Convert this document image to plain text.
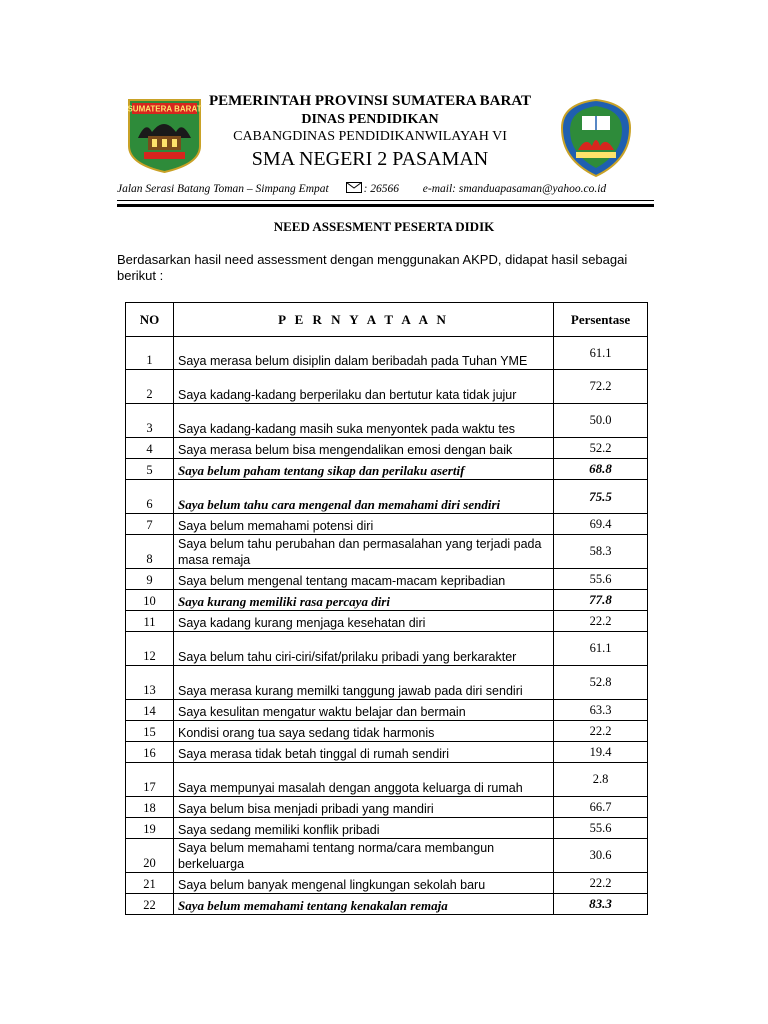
SUMATERA BARAT PEMERINTAH PROVINSI SUMATERA BARAT
DINAS PENDIDIKAN
CABANGDINAS PENDIDIKANWILAYAH VI
SMA NEGERI 2 PASAMAN
Jalan Serasi Batang Toman – Simpang Empat	: 26566 e-mail: smanduapasaman@yahoo.co.id
NEED ASSESMENT PESERTA DIDIK
Berdasarkan hasil need assessment dengan menggunakan AKPD, didapat hasil sebagai berikut :
NO	P E R N Y A T A A N	Persentase
1	Saya merasa belum disiplin dalam beribadah pada Tuhan YME	61.1
2	Saya kadang-kadang berperilaku dan bertutur kata tidak jujur	72.2
3	Saya kadang-kadang masih suka menyontek pada waktu tes	50.0
4	Saya merasa belum bisa mengendalikan emosi dengan baik	52.2
5	Saya belum paham tentang sikap dan perilaku asertif	68.8
6	Saya belum tahu cara mengenal dan memahami diri sendiri	75.5
7	Saya belum memahami potensi diri	69.4
8	Saya belum tahu perubahan dan permasalahan yang terjadi pada masa remaja	58.3
9	Saya belum mengenal tentang macam-macam kepribadian	55.6
10	Saya kurang memiliki rasa percaya diri	77.8
11	Saya kadang kurang menjaga kesehatan diri	22.2
12	Saya belum tahu ciri-ciri/sifat/prilaku pribadi yang berkarakter	61.1
13	Saya merasa kurang memilki tanggung jawab pada diri sendiri	52.8
14	Saya kesulitan mengatur waktu belajar dan bermain	63.3
15	Kondisi orang tua saya sedang tidak harmonis	22.2
16	Saya merasa tidak betah tinggal di rumah sendiri	19.4
17	Saya mempunyai masalah dengan anggota keluarga di rumah	2.8
18	Saya belum bisa menjadi pribadi yang mandiri	66.7
19	Saya sedang memiliki konflik pribadi	55.6
20	Saya belum memahami tentang norma/cara membangun berkeluarga	30.6
21	Saya belum banyak mengenal lingkungan sekolah baru	22.2
22	Saya belum memahami tentang kenakalan remaja	83.3
